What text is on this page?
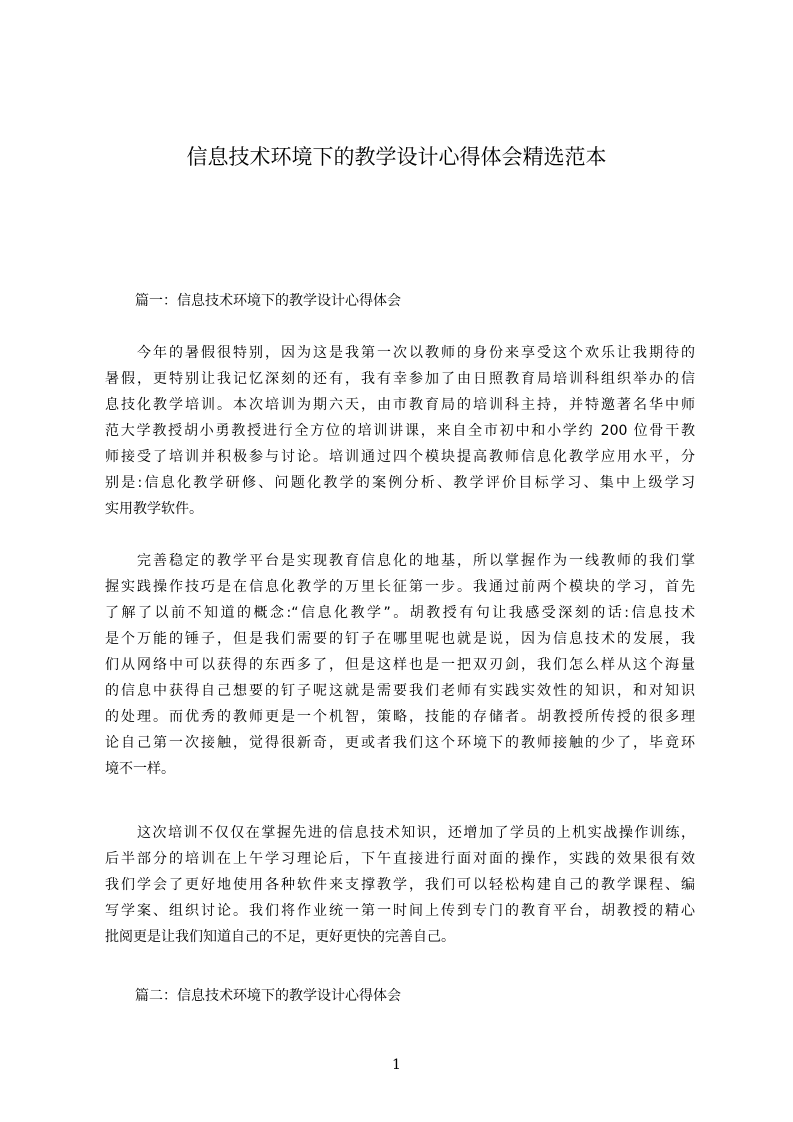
信息技术环境下的教学设计心得体会精选范本
篇一：信息技术环境下的教学设计心得体会
今年的暑假很特别，因为这是我第一次以教师的身份来享受这个欢乐让我期待的
暑假，更特别让我记忆深刻的还有，我有幸参加了由日照教育局培训科组织举办的信
息技化教学培训。本次培训为期六天，由市教育局的培训科主持，并特邀著名华中师
范大学教授胡小勇教授进行全方位的培训讲课，来自全市初中和小学约 200 位骨干教
师接受了培训并积极参与讨论。培训通过四个模块提高教师信息化教学应用水平，分
别是:信息化教学研修、问题化教学的案例分析、教学评价目标学习、集中上级学习
实用教学软件。
完善稳定的教学平台是实现教育信息化的地基，所以掌握作为一线教师的我们掌
握实践操作技巧是在信息化教学的万里长征第一步。我通过前两个模块的学习，首先
了解了以前不知道的概念:“信息化教学”。胡教授有句让我感受深刻的话:信息技术
是个万能的锤子，但是我们需要的钉子在哪里呢也就是说，因为信息技术的发展，我
们从网络中可以获得的东西多了，但是这样也是一把双刃剑，我们怎么样从这个海量
的信息中获得自己想要的钉子呢这就是需要我们老师有实践实效性的知识，和对知识
的处理。而优秀的教师更是一个机智，策略，技能的存储者。胡教授所传授的很多理
论自己第一次接触，觉得很新奇，更或者我们这个环境下的教师接触的少了，毕竟环
境不一样。
这次培训不仅仅在掌握先进的信息技术知识，还增加了学员的上机实战操作训练，
后半部分的培训在上午学习理论后，下午直接进行面对面的操作，实践的效果很有效
我们学会了更好地使用各种软件来支撑教学，我们可以轻松构建自己的教学课程、编
写学案、组织讨论。我们将作业统一第一时间上传到专门的教育平台，胡教授的精心
批阅更是让我们知道自己的不足，更好更快的完善自己。
篇二：信息技术环境下的教学设计心得体会
1
